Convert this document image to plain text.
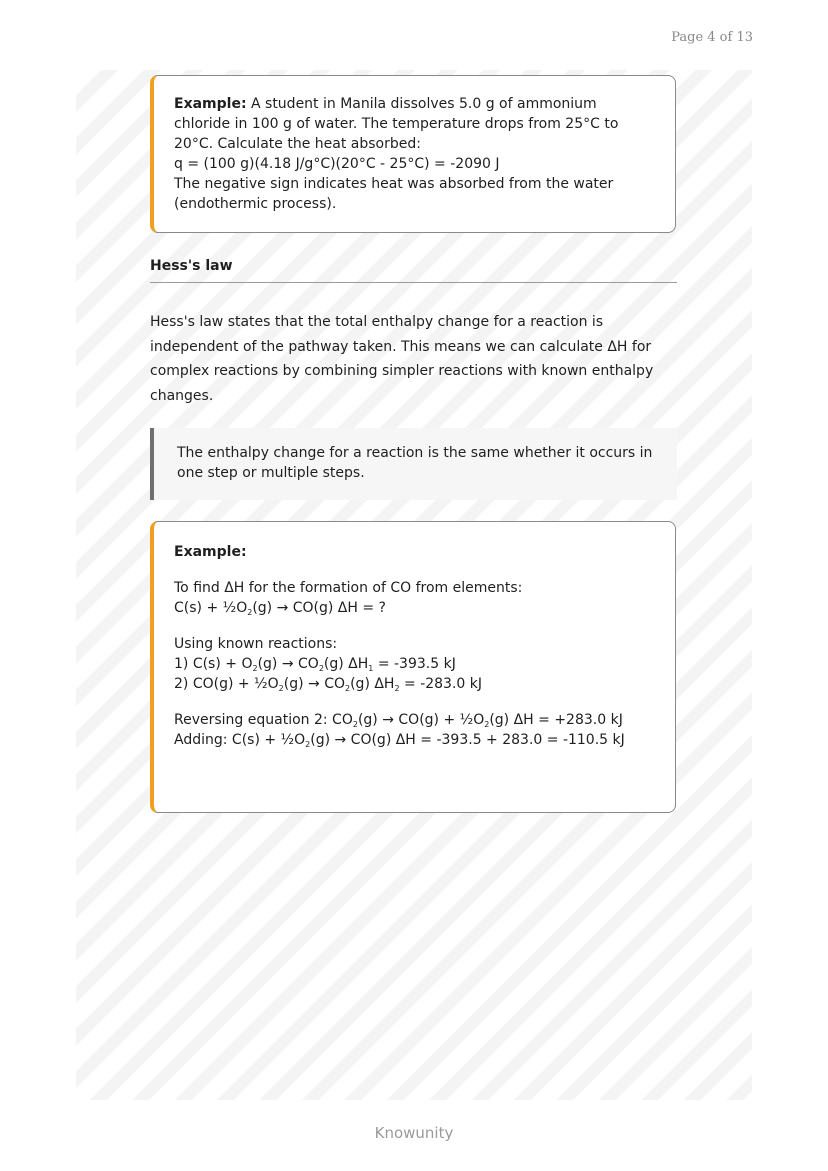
Page 4 of 13

Example: A student in Manila dissolves 5.0 g of ammonium chloride in 100 g of water. The temperature drops from 25°C to 20°C. Calculate the heat absorbed:

q = (100 g)(4.18 J/g°C)(20°C - 25°C) = -2090 J

The negative sign indicates heat was absorbed from the water (endothermic process).

Hess's law

Hess's law states that the total enthalpy change for a reaction is independent of the pathway taken. This means we can calculate ΔH for complex reactions by combining simpler reactions with known enthalpy changes.

The enthalpy change for a reaction is the same whether it occurs in one step or multiple steps.

Example:

To find ΔH for the formation of CO from elements:

$C(s) + \frac{1}{2}O_2(g) \to CO(g) \Delta H$ = ?

Using known reactions:

1) $C(s) + O_2(g) \to CO_2(g) \Delta H_1 = -393.5$ kJ

2) $CO(g) + \frac{1}{2}O_2(g) \to CO_2(g) \Delta H_2 = -283.0$ kJ

Reversing equation 2: $CO_2(g) \to CO(g)$ + $\frac{1}{2}O_2(g) \Delta H = +283.0$ kJ

Adding: $C(s) + \frac{1}{2}O_2(g) \to CO(g) \Delta H = -393.5 + 283.0 = -110.5$ kJ

Knowunity
